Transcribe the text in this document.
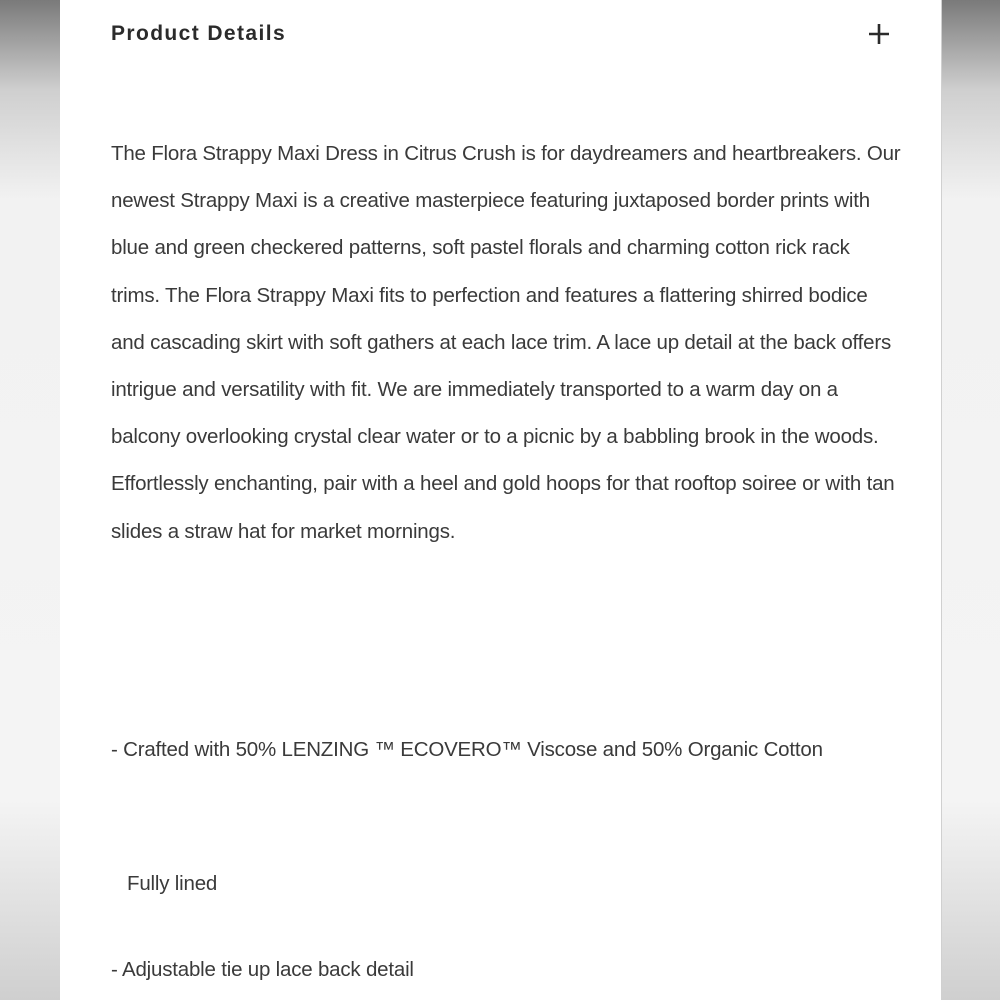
Product Details

The Flora Strappy Maxi Dress in Citrus Crush is for daydreamers and heartbreakers. Our newest Strappy Maxi is a creative masterpiece featuring juxtaposed border prints with blue and green checkered patterns, soft pastel florals and charming cotton rick rack trims. The Flora Strappy Maxi fits to perfection and features a flattering shirred bodice and cascading skirt with soft gathers at each lace trim. A lace up detail at the back offers intrigue and versatility with fit. We are immediately transported to a warm day on a balcony overlooking crystal clear water or to a picnic by a babbling brook in the woods. Effortlessly enchanting, pair with a heel and gold hoops for that rooftop soiree or with tan slides a straw hat for market mornings.

- Crafted with 50% LENZING ™ ECOVERO™ Viscose and 50% Organic Cotton

Fully lined

- Adjustable tie up lace back detail
